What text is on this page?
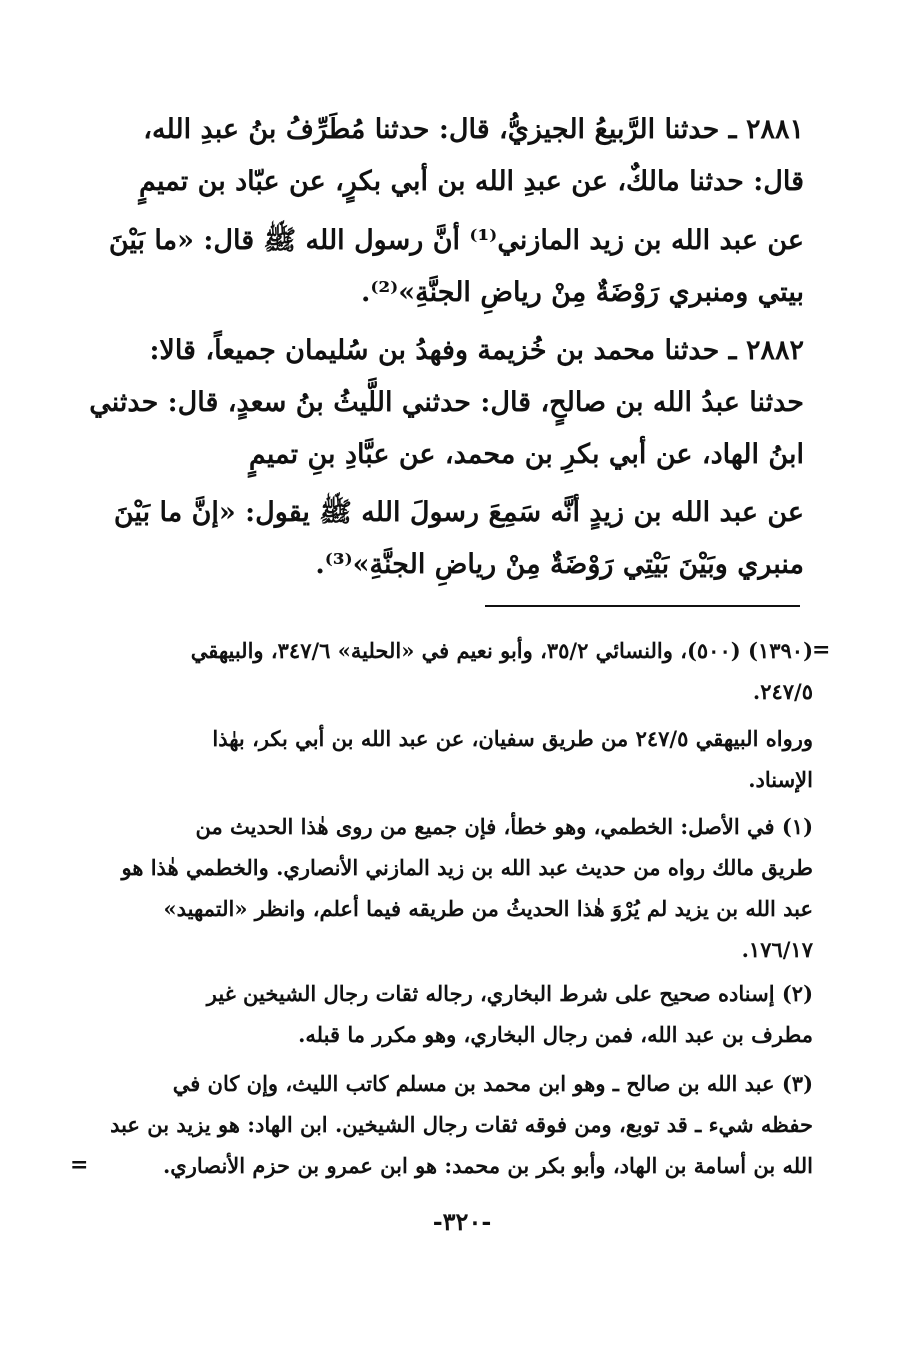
٢٨٨١ ـ حدثنا الرَّبيعُ الجيزيُّ، قال: حدثنا مُطَرِّفُ بنُ عبدِ الله،
قال: حدثنا مالكٌ، عن عبدِ الله بن أبي بكرٍ، عن عبّاد بن تميمٍ
عن عبد الله بن زيد المازني⁽¹⁾ أنَّ رسول الله ﷺ قال: «ما بَيْنَ
بيتي ومنبري رَوْضَةٌ مِنْ رياضِ الجنَّةِ»⁽²⁾.
٢٨٨٢ ـ حدثنا محمد بن خُزيمة وفهدُ بن سُليمان جميعاً، قالا:
حدثنا عبدُ الله بن صالحٍ، قال: حدثني اللَّيثُ بنُ سعدٍ، قال: حدثني
ابنُ الهاد، عن أبي بكرِ بن محمد، عن عبَّادِ بنِ تميمٍ
عن عبد الله بن زيدٍ أنَّه سَمِعَ رسولَ الله ﷺ يقول: «إنَّ ما بَيْنَ
منبري وبَيْنَ بَيْتِي رَوْضَةٌ مِنْ رياضِ الجنَّةِ»⁽³⁾.
=
(١٣٩٠) (٥٠٠)، والنسائي ٣٥/٢، وأبو نعيم في «الحلية» ٣٤٧/٦، والبيهقي
٢٤٧/٥.
ورواه البيهقي ٢٤٧/٥ من طريق سفيان، عن عبد الله بن أبي بكر، بهٰذا
الإسناد.
(١) في الأصل: الخطمي، وهو خطأ، فإن جميع من روى هٰذا الحديث من
طريق مالك رواه من حديث عبد الله بن زيد المازني الأنصاري. والخطمي هٰذا هو
عبد الله بن يزيد لم يُرْوَ هٰذا الحديثُ من طريقه فيما أعلم، وانظر «التمهيد»
١٧٦/١٧.
(٢) إسناده صحيح على شرط البخاري، رجاله ثقات رجال الشيخين غير
مطرف بن عبد الله، فمن رجال البخاري، وهو مكرر ما قبله.
(٣) عبد الله بن صالح ـ وهو ابن محمد بن مسلم كاتب الليث، وإن كان في
حفظه شيء ـ قد توبع، ومن فوقه ثقات رجال الشيخين. ابن الهاد: هو يزيد بن عبد
الله بن أسامة بن الهاد، وأبو بكر بن محمد: هو ابن عمرو بن حزم الأنصاري.
=
-٣٢٠-
